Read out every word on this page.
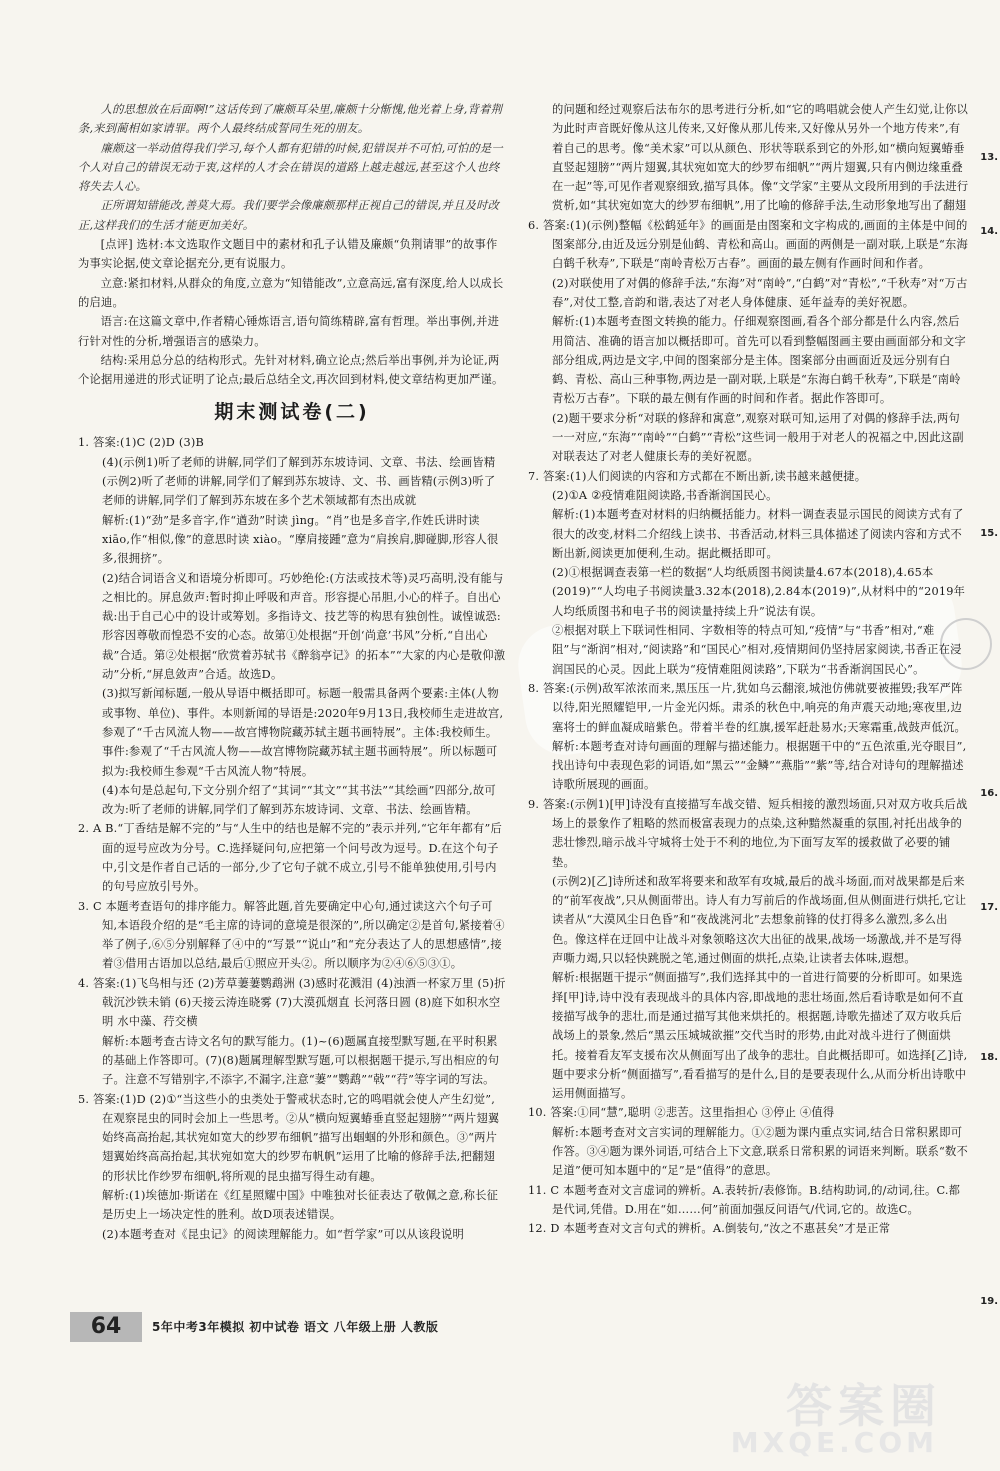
人的思想放在后面啊!”这话传到了廉颇耳朵里,廉颇十分惭愧,他光着上身,背着荆条,来到蔺相如家请罪。两个人最终结成誓同生死的朋友。

廉颇这一举动值得我们学习,每个人都有犯错的时候,犯错误并不可怕,可怕的是一个人对自己的错误无动于衷,这样的人才会在错误的道路上越走越远,甚至这个人也终将失去人心。

正所谓知错能改,善莫大焉。我们要学会像廉颇那样正视自己的错误,并且及时改正,这样我们的生活才能更加美好。

[点评] 选材:本文选取作文题目中的素材和孔子认错及廉颇“负荆请罪”的故事作为事实论据,使文章论据充分,更有说服力。

立意:紧扣材料,从群众的角度,立意为“知错能改”,立意高远,富有深度,给人以成长的启迪。

语言:在这篇文章中,作者精心锤炼语言,语句简练精辟,富有哲理。举出事例,并进行针对性的分析,增强语言的感染力。

结构:采用总分总的结构形式。先针对材料,确立论点;然后举出事例,并为论证,两个论据用递进的形式证明了论点;最后总结全文,再次回到材料,使文章结构更加严谨。

期末测试卷(二)

1. 答案:(1)C (2)D (3)B

(4)(示例1)听了老师的讲解,同学们了解到苏东坡诗词、文章、书法、绘画皆精(示例2)听了老师的讲解,同学们了解到苏东坡诗、文、书、画皆精(示例3)听了老师的讲解,同学们了解到苏东坡在多个艺术领域都有杰出成就

解析:(1)“劲”是多音字,作“遒劲”时读 jìng。“肖”也是多音字,作姓氏讲时读 xiāo,作“相似,像”的意思时读 xiào。“摩肩接踵”意为“肩挨肩,脚碰脚,形容人很多,很拥挤”。

(2)结合词语含义和语境分析即可。巧妙绝伦:(方法或技术等)灵巧高明,没有能与之相比的。屏息敛声:暂时抑止呼吸和声音。形容提心吊胆,小心的样子。自出心裁:出于自己心中的设计或筹划。多指诗文、技艺等的构思有独创性。诚惶诚恐:形容因尊敬而惶恐不安的心态。故第①处根据“开创‘尚意’书风”分析,“自出心裁”合适。第②处根据“欣赏着苏轼书《醉翁亭记》的拓本”“大家的内心是敬仰激动”分析,“屏息敛声”合适。故选D。

(3)拟写新闻标题,一般从导语中概括即可。标题一般需具备两个要素:主体(人物或事物、单位)、事件。本则新闻的导语是:2020年9月13日,我校师生走进故宫,参观了“千古风流人物——故宫博物院藏苏轼主题书画特展”。主体:我校师生。事件:参观了“千古风流人物——故宫博物院藏苏轼主题书画特展”。所以标题可拟为:我校师生参观“千古风流人物”特展。

(4)本句是总起句,下文分别介绍了“其词”“其文”“其书法”“其绘画”四部分,故可改为:听了老师的讲解,同学们了解到苏东坡诗词、文章、书法、绘画皆精。

2. A B.“丁香结是解不完的”与“人生中的结也是解不完的”表示并列,“它年年都有”后面的逗号应改为分号。C.选择疑问句,应把第一个问号改为逗号。D.在这个句子中,引文是作者自己话的一部分,少了它句子就不成立,引号不能单独使用,引号内的句号应放引号外。

3. C 本题考查语句的排序能力。解答此题,首先要确定中心句,通过读这六个句子可知,本语段介绍的是“毛主席的诗词的意境是很深的”,所以确定②是首句,紧接着④举了例子,⑥⑤分别解释了④中的“写景”“说山”和“充分表达了人的思想感情”,接着③借用古语加以总结,最后①照应开头②。所以顺序为②④⑥⑤③①。

4. 答案:(1)飞鸟相与还 (2)芳草萋萋鹦鹉洲 (3)感时花溅泪 (4)浊酒一杯家万里 (5)折戟沉沙铁未销 (6)天接云涛连晓雾 (7)大漠孤烟直 长河落日圆 (8)庭下如积水空明 水中藻、荇交横

解析:本题考查古诗文名句的默写能力。(1)~(6)题属直接型默写题,在平时积累的基础上作答即可。(7)(8)题属理解型默写题,可以根据题干提示,写出相应的句子。注意不写错别字,不添字,不漏字,注意“萋”“鹦鹉”“戟”“荇”等字词的写法。

5. 答案:(1)D (2)①“当这些小的虫类处于警戒状态时,它的鸣唱就会使人产生幻觉”,在观察昆虫的同时会加上一些思考。②从“横向短翼蝽垂直竖起翅膀”“两片翅翼始终高高抬起,其状宛如宽大的纱罗布细帆”描写出蝈蝈的外形和颜色。③“两片翅翼始终高高抬起,其状宛如宽大的纱罗布帆帆”运用了比喻的修辞手法,把翻翅的形状比作纱罗布细帆,将所观的昆虫描写得生动有趣。

解析:(1)埃德加·斯诺在《红星照耀中国》中唯独对长征表达了敬佩之意,称长征是历史上一场决定性的胜利。故D项表述错误。

(2)本题考查对《昆虫记》的阅读理解能力。如“哲学家”可以从该段说明

的问题和经过观察后法布尔的思考进行分析,如“它的鸣唱就会使人产生幻觉,让你以为此时声音既好像从这儿传来,又好像从那儿传来,又好像从另外一个地方传来”,有着自己的思考。像“美术家”可以从颜色、形状等联系到它的外形,如“横向短翼蝽垂直竖起翅膀”“两片翅翼,其状宛如宽大的纱罗布细帆”“两片翅翼,只有内侧边缘重叠在一起”等,可见作者观察细致,描写具体。像“文学家”主要从文段所用到的手法进行赏析,如“其状宛如宽大的纱罗布细帆”,用了比喻的修辞手法,生动形象地写出了翻翅

6. 答案:(1)(示例)整幅《松鹤延年》的画面是由图案和文字构成的,画面的主体是中间的图案部分,由近及远分别是仙鹤、青松和高山。画面的两侧是一副对联,上联是“东海白鹤千秋寿”,下联是“南岭青松万古春”。画面的最左侧有作画时间和作者。

(2)对联使用了对偶的修辞手法,“东海”对“南岭”,“白鹤”对“青松”,“千秋寿”对“万古春”,对仗工整,音韵和谐,表达了对老人身体健康、延年益寿的美好祝愿。

解析:(1)本题考查图文转换的能力。仔细观察图画,看各个部分都是什么内容,然后用简洁、准确的语言加以概括即可。首先可以看到整幅图画主要由画面部分和文字部分组成,两边是文字,中间的图案部分是主体。图案部分由画面近及远分别有白鹤、青松、高山三种事物,两边是一副对联,上联是“东海白鹤千秋寿”,下联是“南岭青松万古春”。下联的最左侧有作画的时间和作者。据此作答即可。

(2)题干要求分析“对联的修辞和寓意”,观察对联可知,运用了对偶的修辞手法,两句一一对应,“东海”“南岭”“白鹤”“青松”这些词一般用于对老人的祝福之中,因此这副对联表达了对老人健康长寿的美好祝愿。

7. 答案:(1)人们阅读的内容和方式都在不断出新,读书越来越便捷。

(2)①A ②疫情难阻阅读路,书香渐润国民心。

解析:(1)本题考查对材料的归纳概括能力。材料一调查表显示国民的阅读方式有了很大的改变,材料二介绍线上读书、书香活动,材料三具体描述了阅读内容和方式不断出新,阅读更加便利,生动。据此概括即可。

(2)①根据调查表第一栏的数据“人均纸质图书阅读量4.67本(2018),4.65本(2019)”“人均电子书阅读量3.32本(2018),2.84本(2019)”,从材料中的“2019年人均纸质图书和电子书的阅读量持续上升”说法有误。

②根据对联上下联词性相同、字数相等的特点可知,“疫情”与“书香”相对,“难阻”与“渐润”相对,“阅读路”和“国民心”相对,疫情期间仍坚持居家阅读,书香正在浸润国民的心灵。因此上联为“疫情难阻阅读路”,下联为“书香渐润国民心”。

8. 答案:(示例)敌军浓浓而来,黑压压一片,犹如乌云翻滚,城池仿佛就要被摧毁;我军严阵以待,阳光照耀铠甲,一片金光闪烁。肃杀的秋色中,响亮的角声震天动地;寒夜里,边塞将士的鲜血凝成暗紫色。带着半卷的红旗,援军赶赴易水;天寒霜重,战鼓声低沉。

解析:本题考查对诗句画面的理解与描述能力。根据题干中的“五色浓重,光夺眼目”,找出诗句中表现色彩的词语,如“黑云”“金鳞”“燕脂”“紫”等,结合对诗句的理解描述诗歌所展现的画面。

9. 答案:(示例1)[甲]诗没有直接描写车战交错、短兵相接的激烈场面,只对双方收兵后战场上的景象作了粗略的然而极富表现力的点染,这种黯然凝重的氛围,衬托出战争的悲壮惨烈,暗示战斗守城将士处于不利的地位,为下面写友军的援救做了必要的铺垫。

(示例2)[乙]诗所述和敌军将要来和敌军有攻城,最后的战斗场面,而对战果都是后来的“前军夜战”,只从侧面带出。诗人有力写前后的作战场面,但从侧面进行烘托,它让读者从“大漠风尘日色昏”和“夜战洮河北”去想象前锋的仗打得多么激烈,多么出色。像这样在迂回中让战斗对象领略这次大出征的战果,战场一场激战,并不是写得声嘶力竭,只以轻快跳脱之笔,通过侧面的烘托,点染,让读者去体味,遐想。

解析:根据题干提示“侧面描写”,我们选择其中的一首进行简要的分析即可。如果选择[甲]诗,诗中没有表现战斗的具体内容,即战地的悲壮场面,然后看诗歌是如何不直接描写战争的悲壮,而是通过描写其他来烘托的。根据题,诗歌先描述了双方收兵后战场上的景象,然后“黑云压城城欲摧”交代当时的形势,由此对战斗进行了侧面烘托。接着看友军支援布次从侧面写出了战争的悲壮。自此概括即可。如选择[乙]诗,题中要求分析“侧面描写”,看看描写的是什么,目的是要表现什么,从而分析出诗歌中运用侧面描写。

10. 答案:①同“慧”,聪明 ②悲苦。这里指担心 ③停止 ④值得

解析:本题考查对文言实词的理解能力。①②题为课内重点实词,结合日常积累即可作答。③④题为课外词语,可结合上下文意,联系日常积累的词语来判断。联系“数不足道”便可知本题中的“足”是“值得”的意思。

11. C 本题考查对文言虚词的辨析。A.表转折/表修饰。B.结构助词,的/动词,往。C.都是代词,凭借。D.用在“如……何”前面加强反问语气/代词,它的。故选C。

12. D 本题考查对文言句式的辨析。A.倒装句,“汝之不惠甚矣”才是正常

13.
14.
15.
16.
17.
18.
19.
64	5年中考3年模拟 初中试卷 语文 八年级上册 人教版
答案圈
MXQE.COM
